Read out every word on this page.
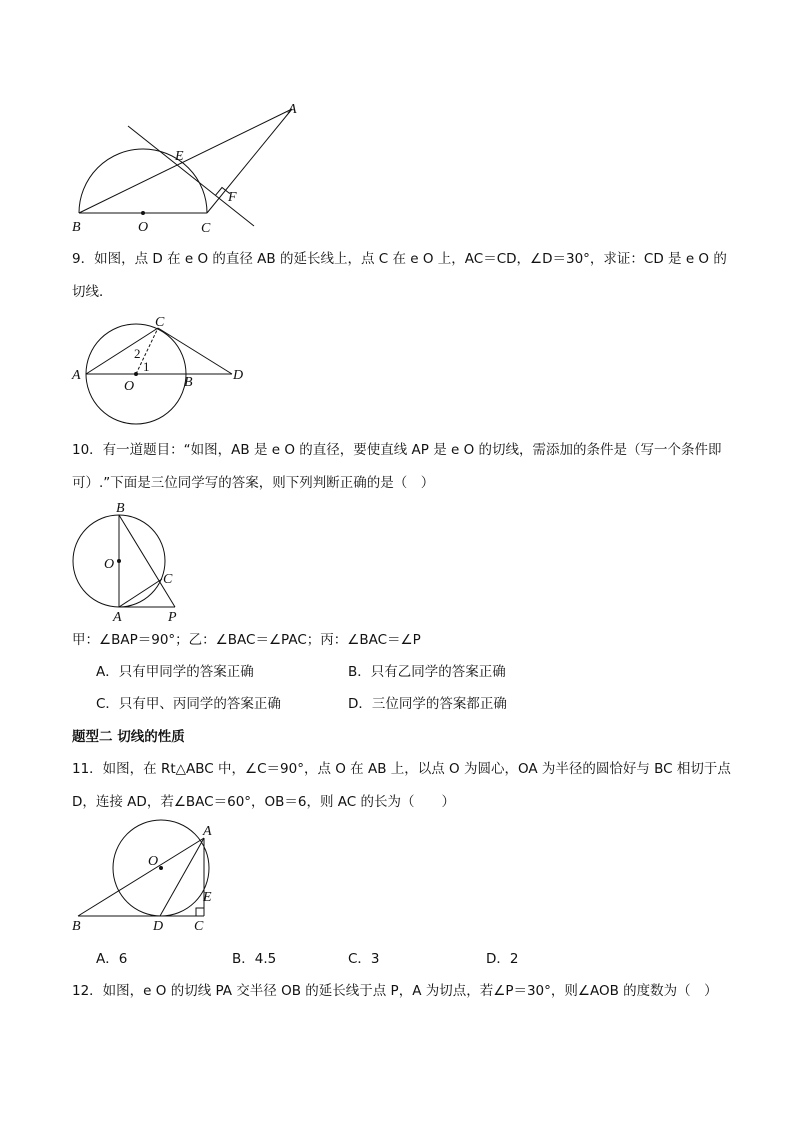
A
E
F
B	O	C
9．如图，点 D 在 e O 的直径 AB 的延长线上，点 C 在 e O 上，AC＝CD，∠D＝30°，求证：CD 是 e O 的
切线．
C
2
1
A
O	B	D
10．有一道题目：“如图，AB 是 e O 的直径，要使直线 AP 是 e O 的切线，需添加的条件是（写一个条件即
可）.”下面是三位同学写的答案，则下列判断正确的是（　）
B
O
C
A	P
甲：∠BAP＝90°；乙：∠BAC＝∠PAC；丙：∠BAC＝∠P
A．只有甲同学的答案正确	B．只有乙同学的答案正确
C．只有甲、丙同学的答案正确	D．三位同学的答案都正确
题型二 切线的性质
11．如图，在 Rt△ABC 中，∠C＝90°，点 O 在 AB 上，以点 O 为圆心，OA 为半径的圆恰好与 BC 相切于点
D，连接 AD，若∠BAC＝60°，OB＝6，则 AC 的长为（　　）
A
O
E
B	D C
A．6	B．4.5	C．3	D．2
12．如图，e O 的切线 PA 交半径 OB 的延长线于点 P，A 为切点，若∠P＝30°，则∠AOB 的度数为（　）
